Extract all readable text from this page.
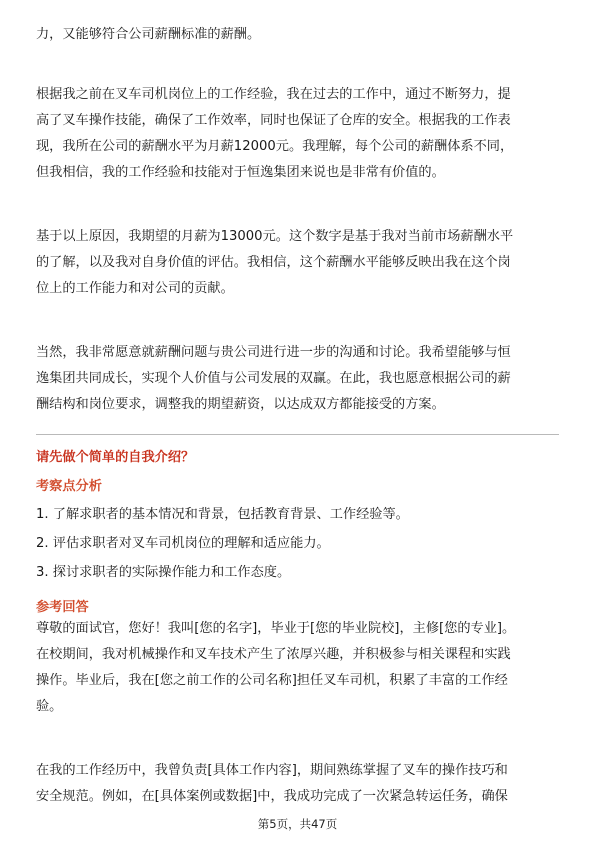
力，又能够符合公司薪酬标准的薪酬。

根据我之前在叉车司机岗位上的工作经验，我在过去的工作中，通过不断努力，提
高了叉车操作技能，确保了工作效率，同时也保证了仓库的安全。根据我的工作表
现，我所在公司的薪酬水平为月薪12000元。我理解，每个公司的薪酬体系不同，
但我相信，我的工作经验和技能对于恒逸集团来说也是非常有价值的。

基于以上原因，我期望的月薪为13000元。这个数字是基于我对当前市场薪酬水平
的了解，以及我对自身价值的评估。我相信，这个薪酬水平能够反映出我在这个岗
位上的工作能力和对公司的贡献。

当然，我非常愿意就薪酬问题与贵公司进行进一步的沟通和讨论。我希望能够与恒
逸集团共同成长，实现个人价值与公司发展的双赢。在此，我也愿意根据公司的薪
酬结构和岗位要求，调整我的期望薪资，以达成双方都能接受的方案。

请先做个简单的自我介绍？

考察点分析

1. 了解求职者的基本情况和背景，包括教育背景、工作经验等。

2. 评估求职者对叉车司机岗位的理解和适应能力。

3. 探讨求职者的实际操作能力和工作态度。

参考回答

尊敬的面试官，您好！我叫[您的名字]，毕业于[您的毕业院校]，主修[您的专业]。
在校期间，我对机械操作和叉车技术产生了浓厚兴趣，并积极参与相关课程和实践
操作。毕业后，我在[您之前工作的公司名称]担任叉车司机，积累了丰富的工作经
验。

在我的工作经历中，我曾负责[具体工作内容]，期间熟练掌握了叉车的操作技巧和
安全规范。例如，在[具体案例或数据]中，我成功完成了一次紧急转运任务，确保

第5页，共47页
